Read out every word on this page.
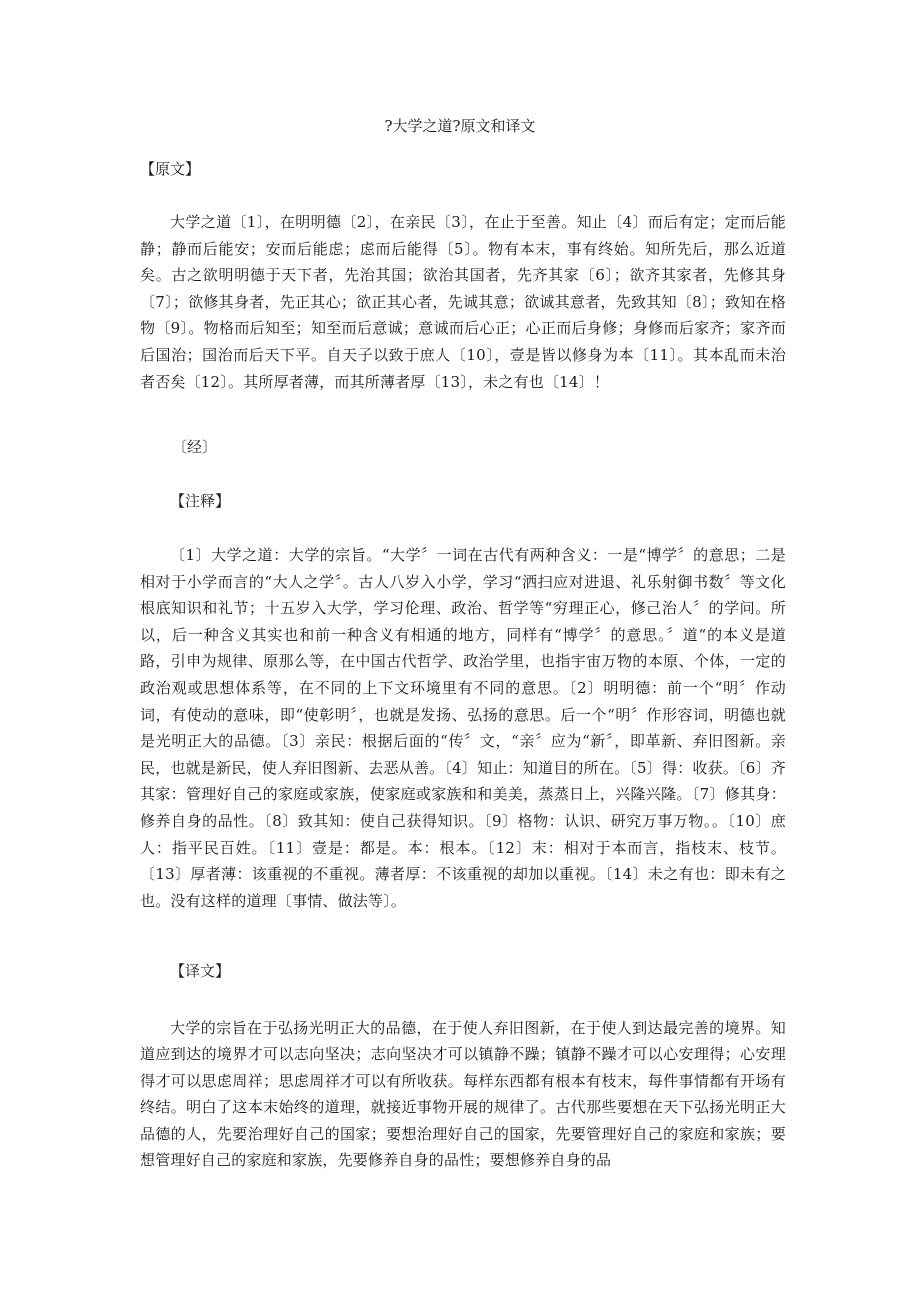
?大学之道?原文和译文
【原文】
大学之道〔1〕，在明明德〔2〕，在亲民〔3〕，在止于至善。知止〔4〕而后有定；定而后能静；静而后能安；安而后能虑；虑而后能得〔5〕。物有本末，事有终始。知所先后，那么近道矣。古之欲明明德于天下者，先治其国；欲治其国者，先齐其家〔6〕；欲齐其家者，先修其身〔7〕；欲修其身者，先正其心；欲正其心者，先诚其意；欲诚其意者，先致其知〔8〕；致知在格物〔9〕。物格而后知至；知至而后意诚；意诚而后心正；心正而后身修；身修而后家齐；家齐而后国治；国治而后天下平。自天子以致于庶人〔10〕，壹是皆以修身为本〔11〕。其本乱而未治者否矣〔12〕。其所厚者薄，而其所薄者厚〔13〕，未之有也〔14〕！
〔经〕
【注释】
〔1〕大学之道：大学的宗旨。“大学〞一词在古代有两种含义：一是“博学〞的意思；二是相对于小学而言的“大人之学〞。古人八岁入小学，学习“洒扫应对进退、礼乐射御书数〞等文化根底知识和礼节；十五岁入大学，学习伦理、政治、哲学等“穷理正心，修己治人〞的学问。所以，后一种含义其实也和前一种含义有相通的地方，同样有“博学〞的意思。〞道“的本义是道路，引申为规律、原那么等，在中国古代哲学、政治学里，也指宇宙万物的本原、个体，一定的政治观或思想体系等，在不同的上下文环境里有不同的意思。〔2〕明明德：前一个“明〞作动词，有使动的意味，即“使彰明〞，也就是发扬、弘扬的意思。后一个“明〞作形容词，明德也就是光明正大的品德。〔3〕亲民：根据后面的“传〞文，“亲〞应为“新〞，即革新、弃旧图新。亲民，也就是新民，使人弃旧图新、去恶从善。〔4〕知止：知道目的所在。〔5〕得：收获。〔6〕齐其家：管理好自己的家庭或家族，使家庭或家族和和美美，蒸蒸日上，兴隆兴隆。〔7〕修其身：修养自身的品性。〔8〕致其知：使自己获得知识。〔9〕格物：认识、研究万事万物。。〔10〕庶人：指平民百姓。〔11〕壹是：都是。本：根本。〔12〕末：相对于本而言，指枝末、枝节。〔13〕厚者薄：该重视的不重视。薄者厚：不该重视的却加以重视。〔14〕未之有也：即未有之也。没有这样的道理〔事情、做法等〕。
【译文】
大学的宗旨在于弘扬光明正大的品德，在于使人弃旧图新，在于使人到达最完善的境界。知道应到达的境界才可以志向坚决；志向坚决才可以镇静不躁；镇静不躁才可以心安理得；心安理得才可以思虑周祥；思虑周祥才可以有所收获。每样东西都有根本有枝末，每件事情都有开场有终结。明白了这本末始终的道理，就接近事物开展的规律了。古代那些要想在天下弘扬光明正大品德的人，先要治理好自己的国家；要想治理好自己的国家，先要管理好自己的家庭和家族；要想管理好自己的家庭和家族，先要修养自身的品性；要想修养自身的品
